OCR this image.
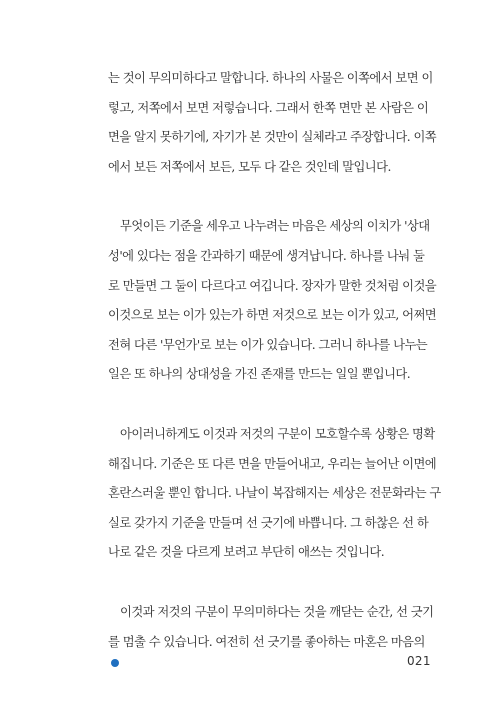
는 것이 무의미하다고 말합니다. 하나의 사물은 이쪽에서 보면 이

렇고, 저쪽에서 보면 저렇습니다. 그래서 한쪽 면만 본 사람은 이

면을 알지 못하기에, 자기가 본 것만이 실체라고 주장합니다. 이쪽

에서 보든 저쪽에서 보든, 모두 다 같은 것인데 말입니다.

무엇이든 기준을 세우고 나누려는 마음은 세상의 이치가 '상대

성'에 있다는 점을 간과하기 때문에 생겨납니다. 하나를 나눠 둘

로 만들면 그 둘이 다르다고 여깁니다. 장자가 말한 것처럼 이것을

이것으로 보는 이가 있는가 하면 저것으로 보는 이가 있고, 어쩌면

전혀 다른 '무언가'로 보는 이가 있습니다. 그러니 하나를 나누는

일은 또 하나의 상대성을 가진 존재를 만드는 일일 뿐입니다.

아이러니하게도 이것과 저것의 구분이 모호할수록 상황은 명확

해집니다. 기준은 또 다른 면을 만들어내고, 우리는 늘어난 이면에

혼란스러울 뿐인 합니다. 나날이 복잡해지는 세상은 전문화라는 구

실로 갖가지 기준을 만들며 선 긋기에 바쁩니다. 그 하찮은 선 하

나로 같은 것을 다르게 보려고 부단히 애쓰는 것입니다.

이것과 저것의 구분이 무의미하다는 것을 깨닫는 순간, 선 긋기

를 멈출 수 있습니다. 여전히 선 긋기를 좋아하는 마혼은 마음의

021
